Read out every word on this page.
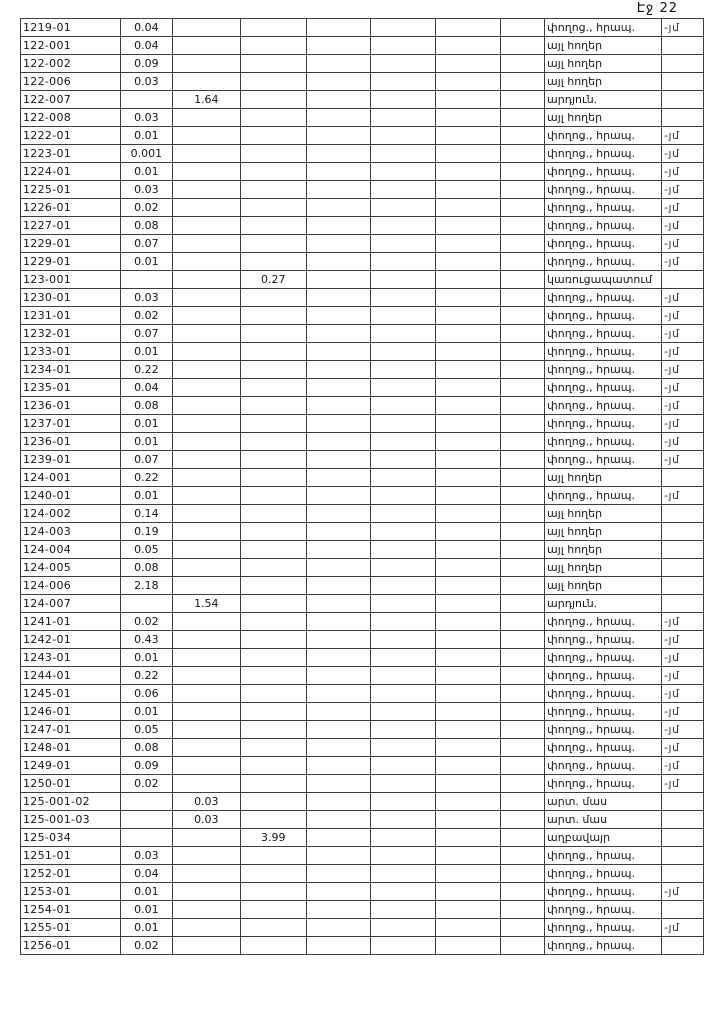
Էջ 22
1219-01	0.04							փողոց., հրապ.	-յմ
122-001	0.04							այլ հողեր	
122-002	0.09							այլ հողեր	
122-006	0.03							այլ հողեր	
122-007		1.64						արդյուն.	
122-008	0.03							այլ հողեր	
1222-01	0.01							փողոց., հրապ.	-յմ
1223-01	0.001							փողոց., հրապ.	-յմ
1224-01	0.01							փողոց., հրապ.	-յմ
1225-01	0.03							փողոց., հրապ.	-յմ
1226-01	0.02							փողոց., հրապ.	-յմ
1227-01	0.08							փողոց., հրապ.	-յմ
1229-01	0.07							փողոց., հրապ.	-յմ
1229-01	0.01							փողոց., հրապ.	-յմ
123-001			0.27					կառուցապատում	
1230-01	0.03							փողոց., հրապ.	-յմ
1231-01	0.02							փողոց., հրապ.	-յմ
1232-01	0.07							փողոց., հրապ.	-յմ
1233-01	0.01							փողոց., հրապ.	-յմ
1234-01	0.22							փողոց., հրապ.	-յմ
1235-01	0.04							փողոց., հրապ.	-յմ
1236-01	0.08							փողոց., հրապ.	-յմ
1237-01	0.01							փողոց., հրապ.	-յմ
1236-01	0.01							փողոց., հրապ.	-յմ
1239-01	0.07							փողոց., հրապ.	-յմ
124-001	0.22							այլ հողեր	
1240-01	0.01							փողոց., հրապ.	-յմ
124-002	0.14							այլ հողեր	
124-003	0.19							այլ հողեր	
124-004	0.05							այլ հողեր	
124-005	0.08							այլ հողեր	
124-006	2.18							այլ հողեր	
124-007		1.54						արդյուն.	
1241-01	0.02							փողոց., հրապ.	-յմ
1242-01	0.43							փողոց., հրապ.	-յմ
1243-01	0.01							փողոց., հրապ.	-յմ
1244-01	0.22							փողոց., հրապ.	-յմ
1245-01	0.06							փողոց., հրապ.	-յմ
1246-01	0.01							փողոց., հրապ.	-յմ
1247-01	0.05							փողոց., հրապ.	-յմ
1248-01	0.08							փողոց., հրապ.	-յմ
1249-01	0.09							փողոց., հրապ.	-յմ
1250-01	0.02							փողոց., հրապ.	-յմ
125-001-02		0.03						արտ. մաս	
125-001-03		0.03						արտ. մաս	
125-034			3.99					աղբավայր	
1251-01	0.03							փողոց., հրապ.	
1252-01	0.04							փողոց., հրապ.	
1253-01	0.01							փողոց., հրապ.	-յմ
1254-01	0.01							փողոց., հրապ.	
1255-01	0.01							փողոց., հրապ.	-յմ
1256-01	0.02							փողոց., հրապ.	
